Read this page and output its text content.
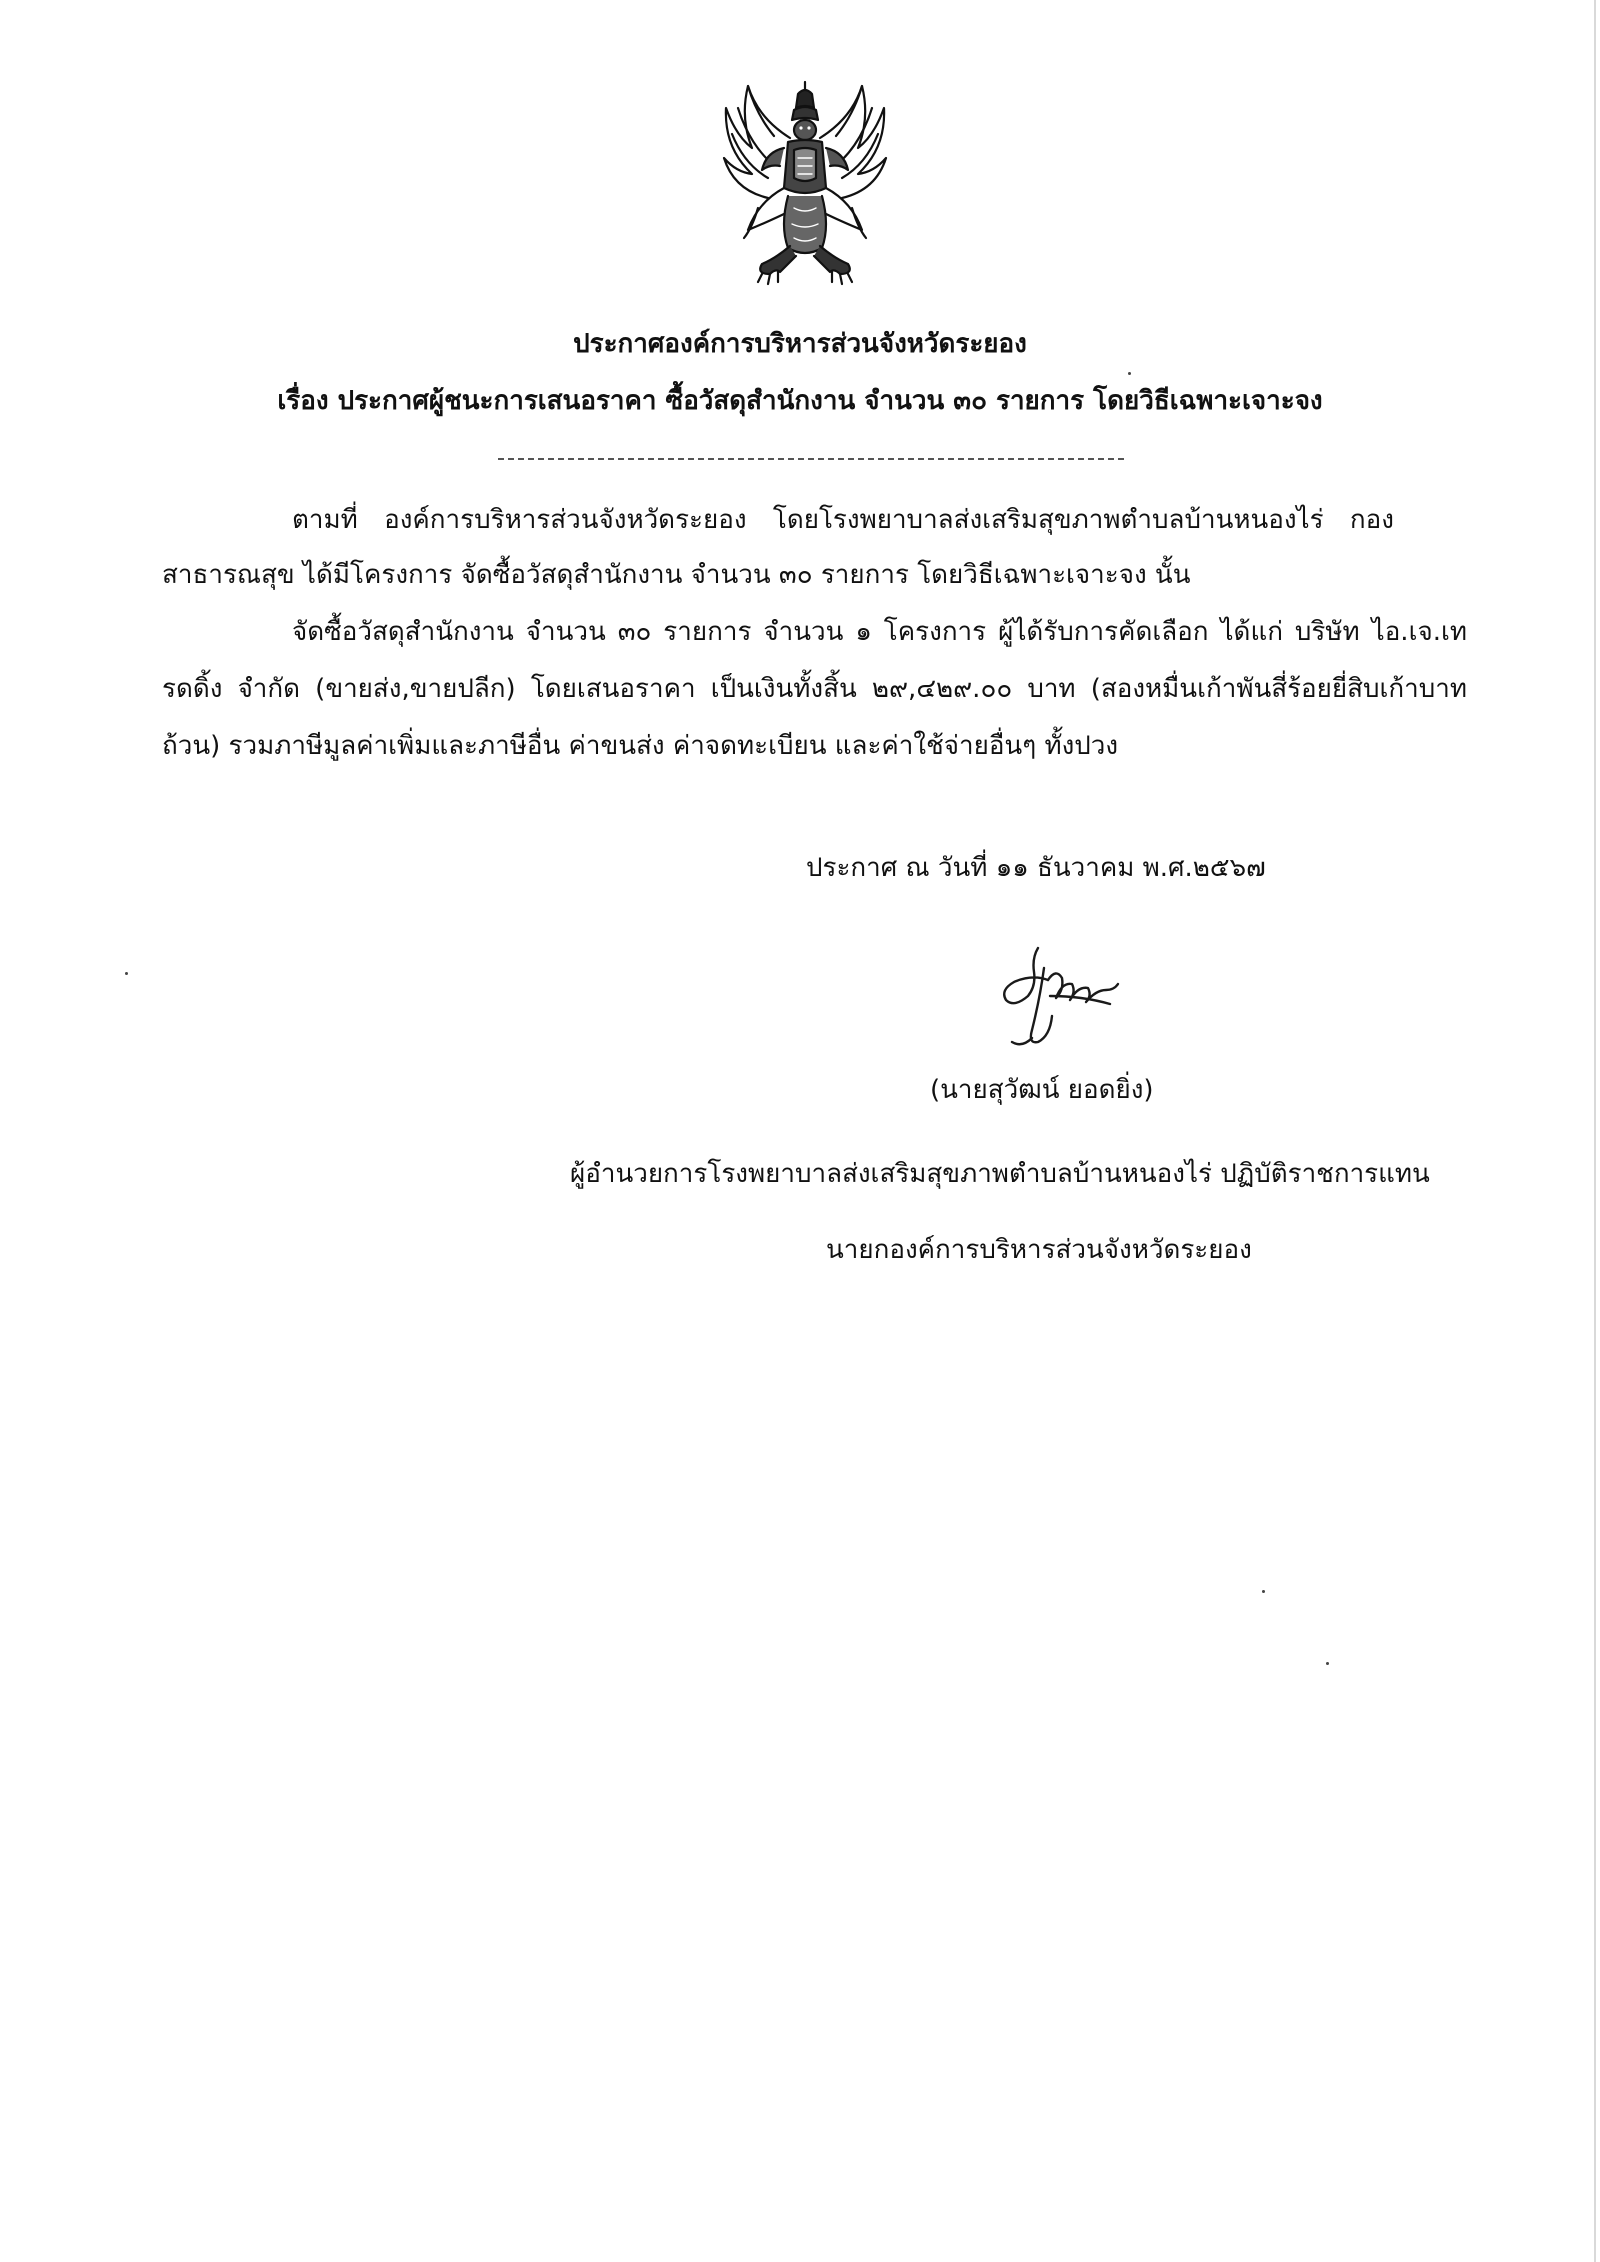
ประกาศองค์การบริหารส่วนจังหวัดระยอง
เรื่อง ประกาศผู้ชนะการเสนอราคา ซื้อวัสดุสำนักงาน จำนวน ๓๐ รายการ โดยวิธีเฉพาะเจาะจง
ตามที่ องค์การบริหารส่วนจังหวัดระยอง โดยโรงพยาบาลส่งเสริมสุขภาพตำบลบ้านหนองไร่ กอง
สาธารณสุข ได้มีโครงการ จัดซื้อวัสดุสำนักงาน จำนวน ๓๐ รายการ โดยวิธีเฉพาะเจาะจง นั้น
จัดซื้อวัสดุสำนักงาน จำนวน ๓๐ รายการ จำนวน ๑ โครงการ ผู้ได้รับการคัดเลือก ได้แก่ บริษัท ไอ.เจ.เท
รดดิ้ง จำกัด (ขายส่ง,ขายปลีก) โดยเสนอราคา เป็นเงินทั้งสิ้น ๒๙,๔๒๙.๐๐ บาท (สองหมื่นเก้าพันสี่ร้อยยี่สิบเก้าบาท
ถ้วน) รวมภาษีมูลค่าเพิ่มและภาษีอื่น ค่าขนส่ง ค่าจดทะเบียน และค่าใช้จ่ายอื่นๆ ทั้งปวง
ประกาศ ณ วันที่ ๑๑ ธันวาคม พ.ศ.๒๕๖๗
(นายสุวัฒน์ ยอดยิ่ง)
ผู้อำนวยการโรงพยาบาลส่งเสริมสุขภาพตำบลบ้านหนองไร่ ปฏิบัติราชการแทน
นายกองค์การบริหารส่วนจังหวัดระยอง
